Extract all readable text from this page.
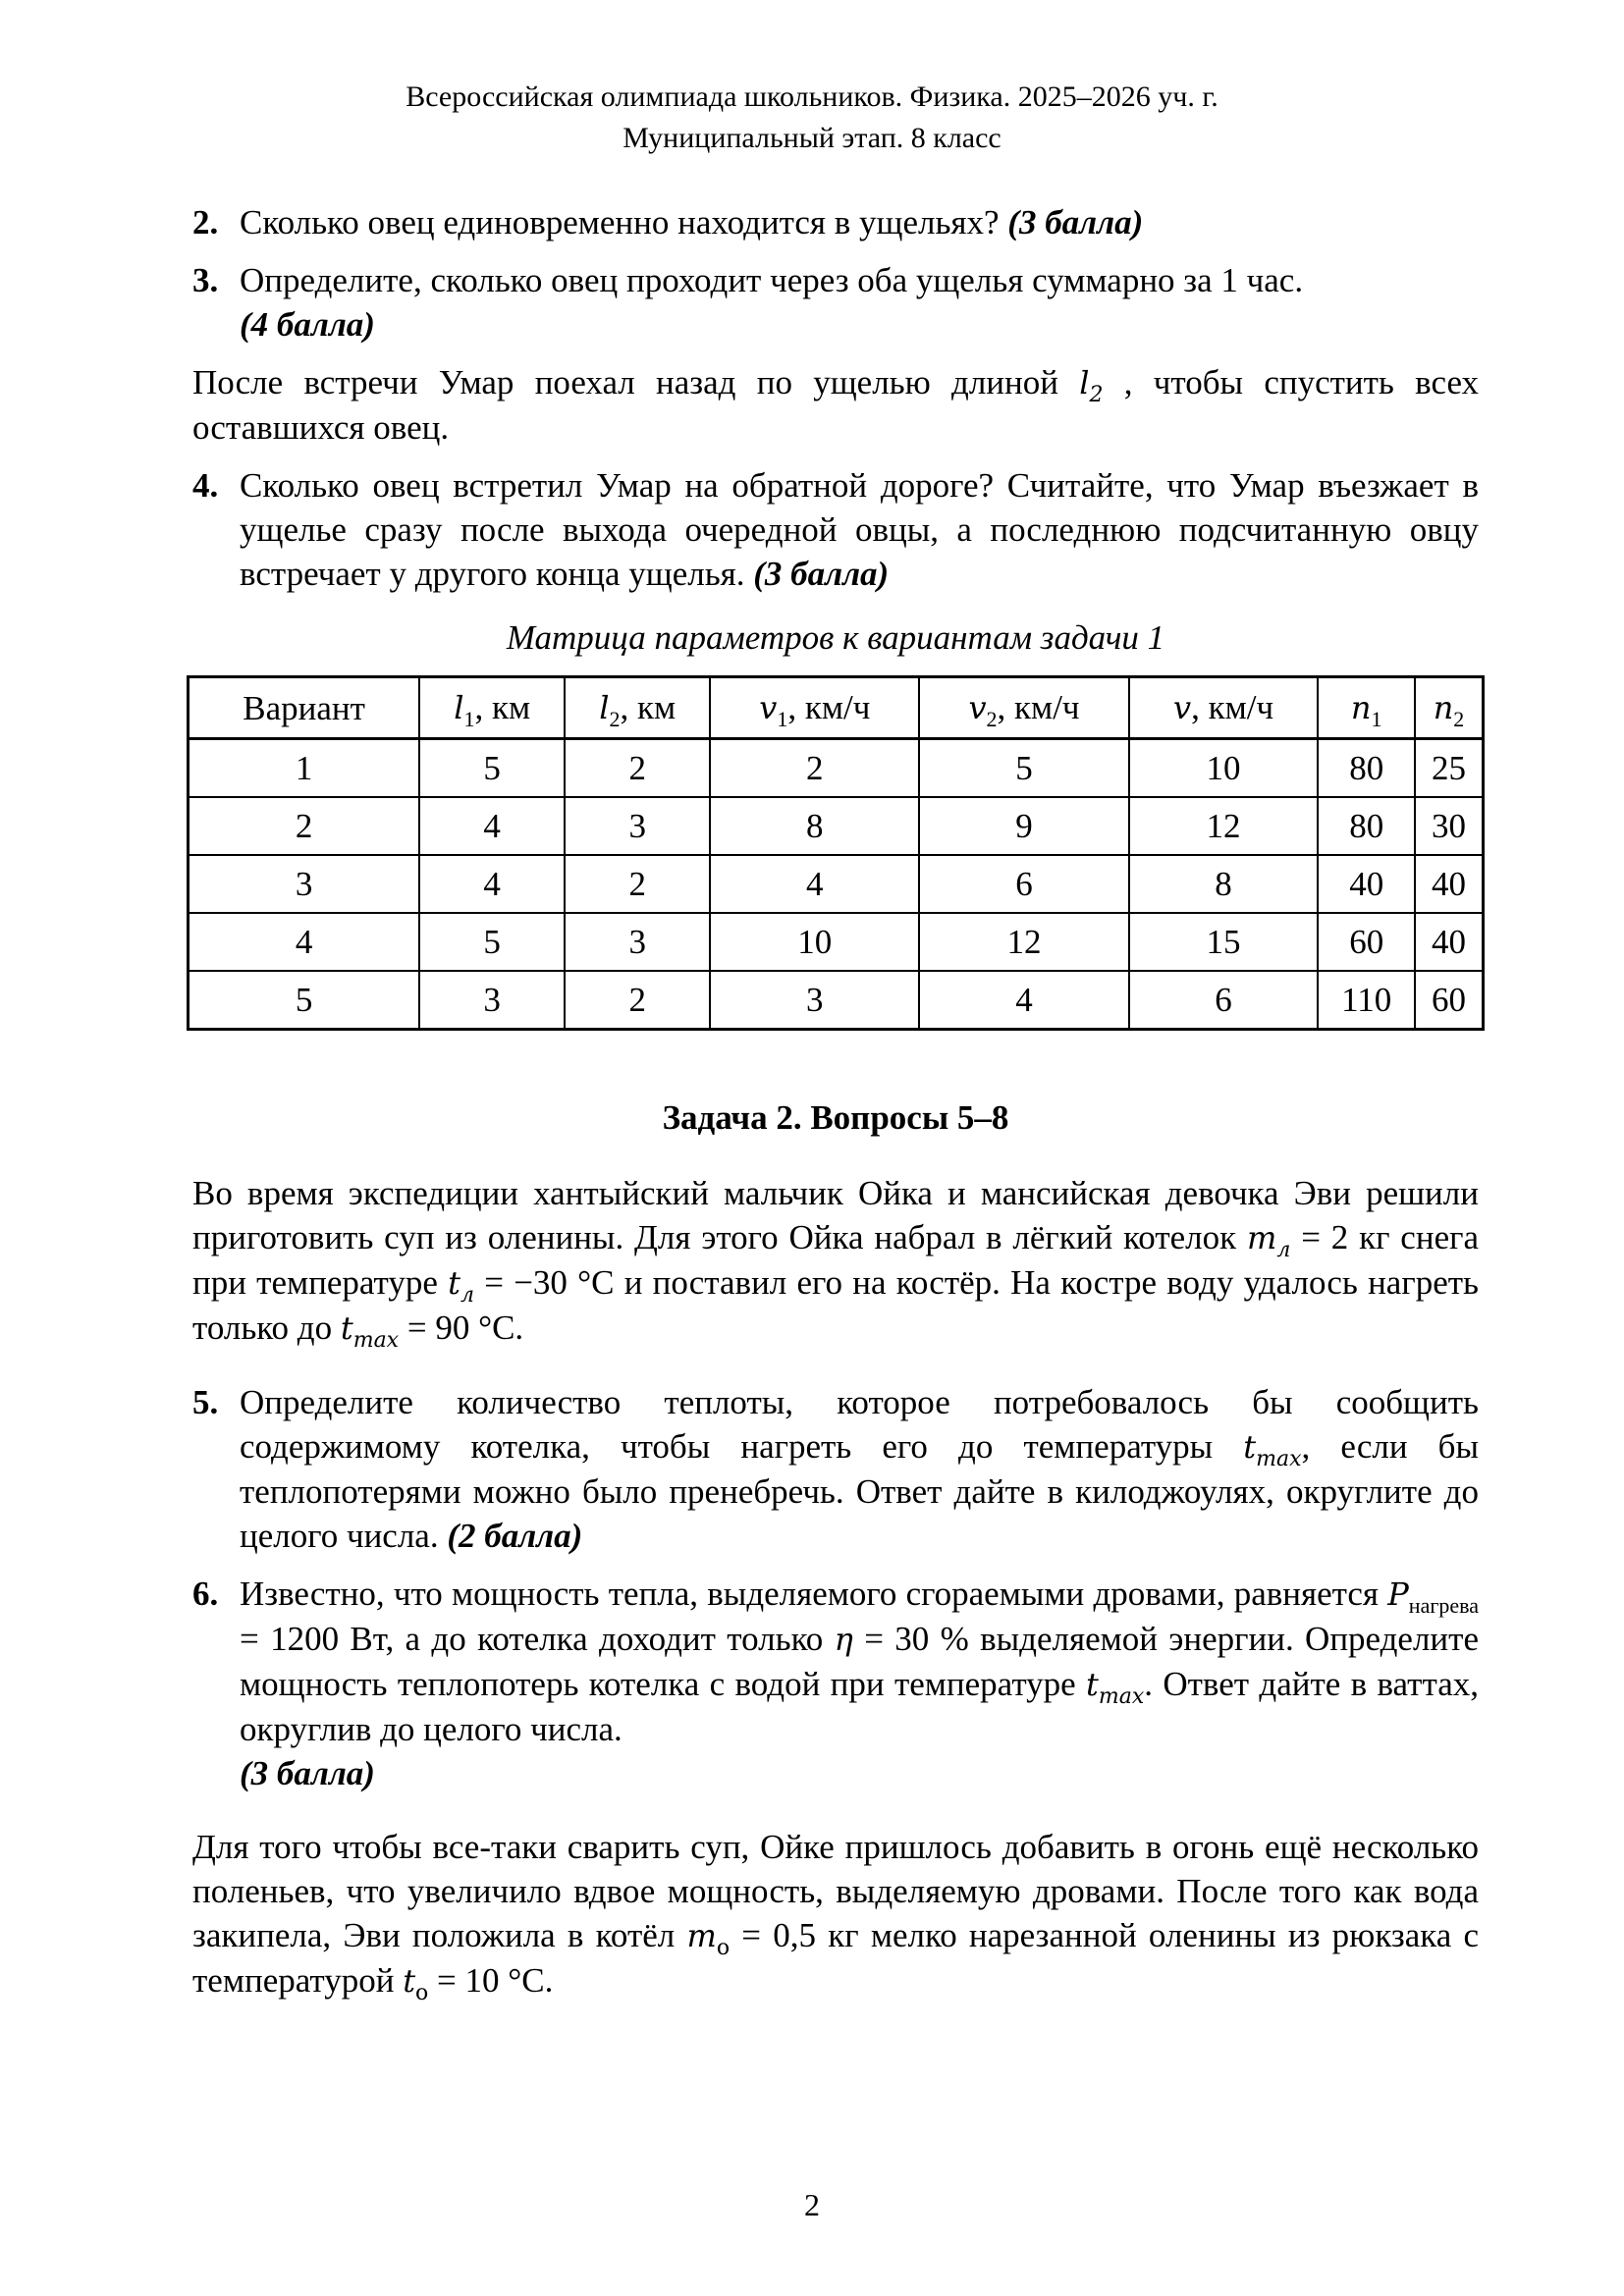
Всероссийская олимпиада школьников. Физика. 2025–2026 уч. г.
Муниципальный этап. 8 класс
2. Сколько овец единовременно находится в ущельях? (3 балла)
3. Определите, сколько овец проходит через оба ущелья суммарно за 1 час.
(4 балла)

После встречи Умар поехал назад по ущелью длиной $l_2$ , чтобы спустить всех оставшихся овец.

4. Сколько овец встретил Умар на обратной дороге? Считайте, что Умар въезжает в ущелье сразу после выхода очередной овцы, а последнюю подсчитанную овцу встречает у другого конца ущелья. (3 балла)
Матрица параметров к вариантам задачи 1
Вариант	$l_1$, км	$l_2$, км	$v_1$, км/ч	$v_2$, км/ч	v, км/ч	$n_1$	$n_2$
1	5	2	2	5	10	80	25
2	4	3	8	9	12	80	30
3	4	2	4	6	8	40	40
4	5	3	10	12	15	60	40
5	3	2	3	4	6	110	60
Задача 2. Вопросы 5–8

Во время экспедиции хантыйский мальчик Ойка и мансийская девочка Эви решили приготовить суп из оленины. Для этого Ойка набрал в лёгкий котелок $m_л = 2$ кг снега при температуре $t_л = -30$ °С и поставил его на костёр. На костре воду удалось нагреть только до $t_{max} = 90$ °С.

5. Определите количество теплоты, которое потребовалось бы сообщить содержимому котелка, чтобы нагреть его до температуры $t_{max}$, если бы теплопотерями можно было пренебречь. Ответ дайте в килоджоулях, округлите до целого числа. (2 балла)
6. Известно, что мощность тепла, выделяемого сгораемыми дровами, равняется $P_{нагрева} = 1200$ Вт, а до котелка доходит только η = 30 % выделяемой энергии. Определите мощность теплопотерь котелка с водой при температуре $t_{max}$. Ответ дайте в ваттах, округлив до целого числа.
(3 балла)

Для того чтобы все-таки сварить суп, Ойке пришлось добавить в огонь ещё несколько поленьев, что увеличило вдвое мощность, выделяемую дровами. После того как вода закипела, Эви положила в котёл $m_о = 0,5$ кг мелко нарезанной оленины из рюкзака с температурой $t_о = 10$ °С.

2
